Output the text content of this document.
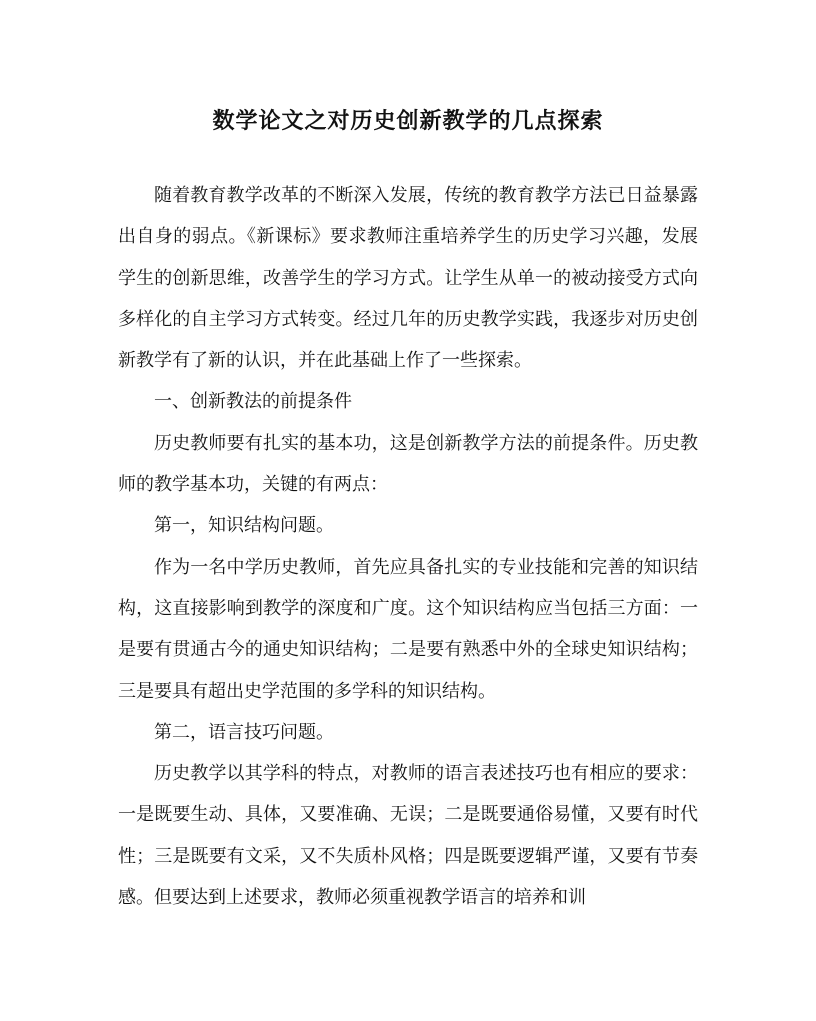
数学论文之对历史创新教学的几点探索

随着教育教学改革的不断深入发展，传统的教育教学方法已日益暴露出自身的弱点。《新课标》要求教师注重培养学生的历史学习兴趣，发展学生的创新思维，改善学生的学习方式。让学生从单一的被动接受方式向多样化的自主学习方式转变。经过几年的历史教学实践，我逐步对历史创新教学有了新的认识，并在此基础上作了一些探索。

一、创新教法的前提条件

历史教师要有扎实的基本功，这是创新教学方法的前提条件。历史教师的教学基本功，关键的有两点：

第一，知识结构问题。

作为一名中学历史教师，首先应具备扎实的专业技能和完善的知识结构，这直接影响到教学的深度和广度。这个知识结构应当包括三方面：一是要有贯通古今的通史知识结构；二是要有熟悉中外的全球史知识结构；三是要具有超出史学范围的多学科的知识结构。

第二，语言技巧问题。

历史教学以其学科的特点，对教师的语言表述技巧也有相应的要求：一是既要生动、具体，又要准确、无误；二是既要通俗易懂，又要有时代性；三是既要有文采，又不失质朴风格；四是既要逻辑严谨，又要有节奏感。但要达到上述要求，教师必须重视教学语言的培养和训
